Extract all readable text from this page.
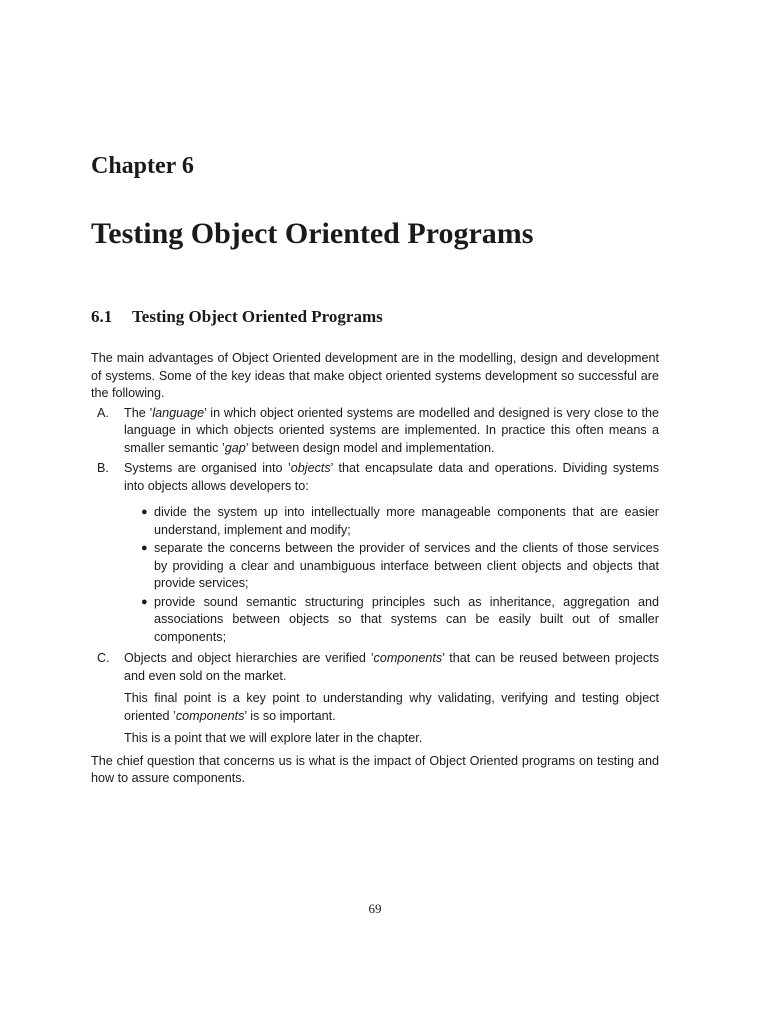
Chapter 6
Testing Object Oriented Programs
6.1 Testing Object Oriented Programs

The main advantages of Object Oriented development are in the modelling, design and development of systems. Some of the key ideas that make object oriented systems development so successful are the following.

A. The ’language’ in which object oriented systems are modelled and designed is very close to the language in which objects oriented systems are implemented. In practice this often means a smaller semantic ’gap’ between design model and implementation.
B. Systems are organised into ’objects’ that encapsulate data and operations. Dividing systems into objects allows developers to:
● divide the system up into intellectually more manageable components that are easier understand, implement and modify;
● separate the concerns between the provider of services and the clients of those services by providing a clear and unambiguous interface between client objects and objects that provide services;
● provide sound semantic structuring principles such as inheritance, aggregation and associations between objects so that systems can be easily built out of smaller components;
C. Objects and object hierarchies are verified ’components’ that can be reused between projects and even sold on the market.

This final point is a key point to understanding why validating, verifying and testing object oriented ’components’ is so important.

This is a point that we will explore later in the chapter.

The chief question that concerns us is what is the impact of Object Oriented programs on testing and how to assure components.

69
